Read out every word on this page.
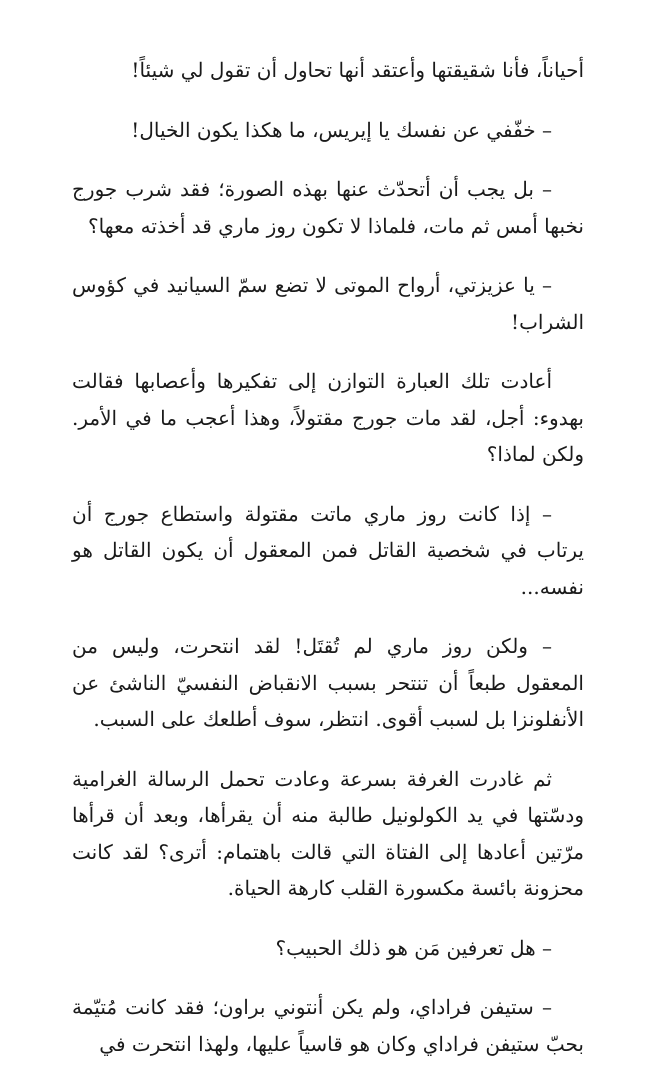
أحياناً، فأنا شقيقتها وأعتقد أنها تحاول أن تقول لي شيئاً!

– خفّفي عن نفسك يا إيريس، ما هكذا يكون الخيال!

– بل يجب أن أتحدّث عنها بهذه الصورة؛ فقد شرب جورج نخبها أمس ثم مات، فلماذا لا تكون روز ماري قد أخذته معها؟

– يا عزيزتي، أرواح الموتى لا تضع سمّ السيانيد في كؤوس الشراب!

أعادت تلك العبارة التوازن إلى تفكيرها وأعصابها فقالت بهدوء: أجل، لقد مات جورج مقتولاً، وهذا أعجب ما في الأمر. ولكن لماذا؟

– إذا كانت روز ماري ماتت مقتولة واستطاع جورج أن يرتاب في شخصية القاتل فمن المعقول أن يكون القاتل هو نفسه...

– ولكن روز ماري لم تُقتَل! لقد انتحرت، وليس من المعقول طبعاً أن تنتحر بسبب الانقباض النفسيّ الناشئ عن الأنفلونزا بل لسبب أقوى. انتظر، سوف أطلعك على السبب.

ثم غادرت الغرفة بسرعة وعادت تحمل الرسالة الغرامية ودسّتها في يد الكولونيل طالبة منه أن يقرأها، وبعد أن قرأها مرّتين أعادها إلى الفتاة التي قالت باهتمام: أترى؟ لقد كانت محزونة بائسة مكسورة القلب كارهة الحياة.

– هل تعرفين مَن هو ذلك الحبيب؟

– ستيفن فراداي، ولم يكن أنتوني براون؛ فقد كانت مُتيّمة بحبّ ستيفن فراداي وكان هو قاسياً عليها، ولهذا انتحرت في
